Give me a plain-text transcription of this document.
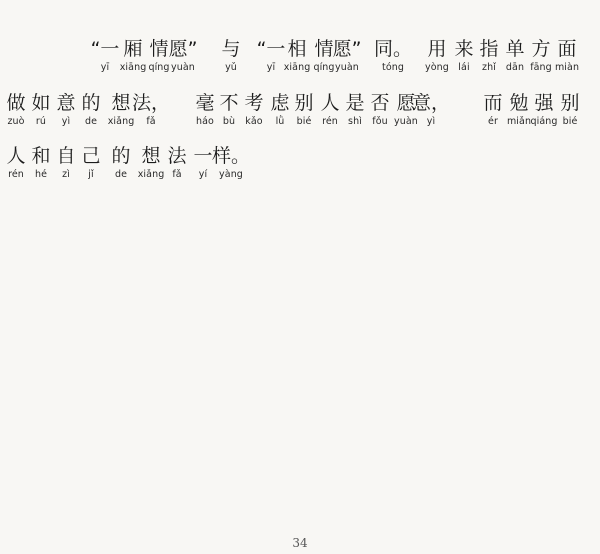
“一
yī
厢
xiāng
情
qíng
愿”
yuàn
与
yǔ
“一
yī
相
xiāng
情
qíng
愿”
yuàn
同。
tóng
用
yòng
来
lái
指
zhǐ
单
dān
方
fāng
面
miàn
做
zuò
如
rú
意
yì
的
de
想
xiǎng
法，
fǎ
毫
háo
不
bù
考
kǎo
虑
lǜ
别
bié
人
rén
是
shì
否
fǒu
愿
yuàn
意，
yì
而
ér
勉
miǎn
强
qiáng
别
bié
人
rén
和
hé
自
zì
己
jǐ
的
de
想
xiǎng
法
fǎ
一
yí
样。
yàng
34
